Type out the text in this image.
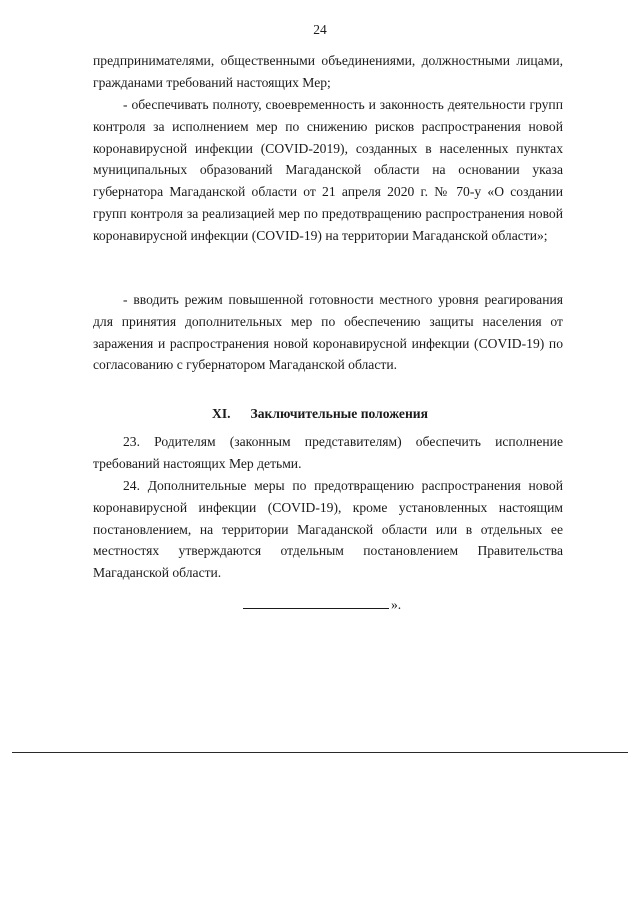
24

предпринимателями, общественными объединениями, должностными лицами, гражданами требований настоящих Мер;

- обеспечивать полноту, своевременность и законность деятельности групп контроля за исполнением мер по снижению рисков распространения новой коронавирусной инфекции (COVID-2019), созданных в населенных пунктах муниципальных образований Магаданской области на основании указа губернатора Магаданской области от 21 апреля 2020 г. № 70-у «О создании групп контроля за реализацией мер по предотвращению распространения новой коронавирусной инфекции (COVID-19) на территории Магаданской области»;

- вводить режим повышенной готовности местного уровня реагирования для принятия дополнительных мер по обеспечению защиты населения от заражения и распространения новой коронавирусной инфекции (COVID-19) по согласованию с губернатором Магаданской области.

XI. Заключительные положения

23. Родителям (законным представителям) обеспечить исполнение требований настоящих Мер детьми.

24. Дополнительные меры по предотвращению распространения новой коронавирусной инфекции (COVID-19), кроме установленных настоящим постановлением, на территории Магаданской области или в отдельных ее местностях утверждаются отдельным постановлением Правительства Магаданской области.

».
